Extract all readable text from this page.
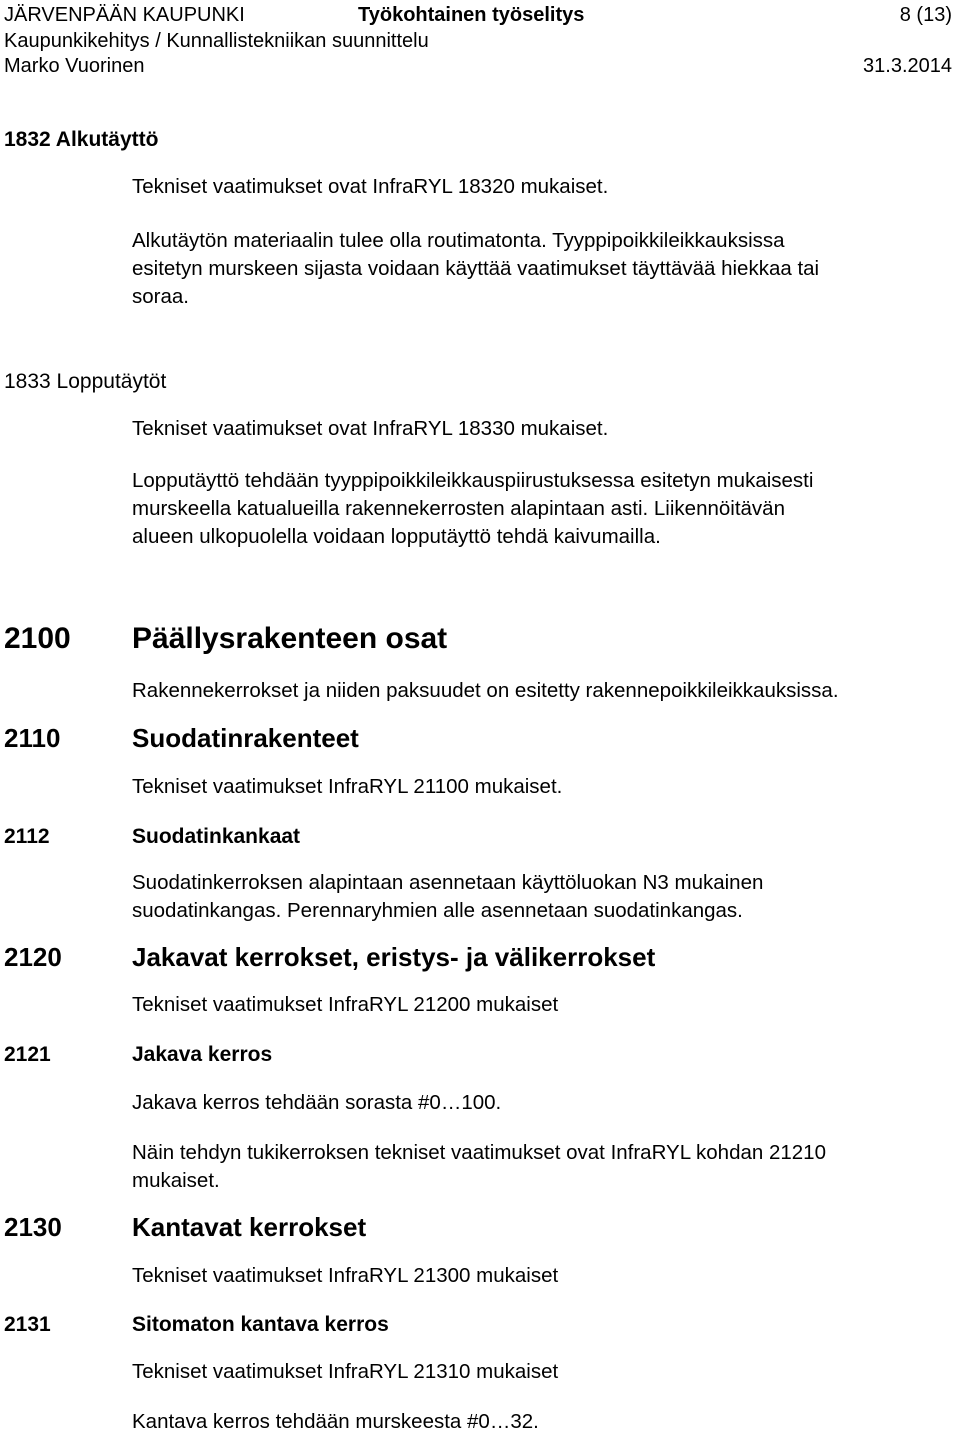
JÄRVENPÄÄN KAUPUNKI	Työkohtainen työselitys	8 (13)
Kaupunkikehitys / Kunnallistekniikan suunnittelu
Marko Vuorinen	31.3.2014
1832 Alkutäyttö
Tekniset vaatimukset ovat InfraRYL 18320 mukaiset.
Alkutäytön materiaalin tulee olla routimatonta. Tyyppipoikkileikkauksissa
esitetyn murskeen sijasta voidaan käyttää vaatimukset täyttävää hiekkaa tai
soraa.
1833 Lopputäytöt
Tekniset vaatimukset ovat InfraRYL 18330 mukaiset.
Lopputäyttö tehdään tyyppipoikkileikkauspiirustuksessa esitetyn mukaisesti
murskeella katualueilla rakennekerrosten alapintaan asti. Liikennöitävän
alueen ulkopuolella voidaan lopputäyttö tehdä kaivumailla.
2100 Päällysrakenteen osat
Rakennekerrokset ja niiden paksuudet on esitetty rakennepoikkileikkauksissa.
2110	Suodatinrakenteet
Tekniset vaatimukset InfraRYL 21100 mukaiset.
2112	Suodatinkankaat
Suodatinkerroksen alapintaan asennetaan käyttöluokan N3 mukainen
suodatinkangas. Perennaryhmien alle asennetaan suodatinkangas.
2120	Jakavat kerrokset, eristys- ja välikerrokset
Tekniset vaatimukset InfraRYL 21200 mukaiset
2121	Jakava kerros
Jakava kerros tehdään sorasta #0…100.
Näin tehdyn tukikerroksen tekniset vaatimukset ovat InfraRYL kohdan 21210
mukaiset.
2130	Kantavat kerrokset
Tekniset vaatimukset InfraRYL 21300 mukaiset
2131	Sitomaton kantava kerros
Tekniset vaatimukset InfraRYL 21310 mukaiset
Kantava kerros tehdään murskeesta #0…32.
